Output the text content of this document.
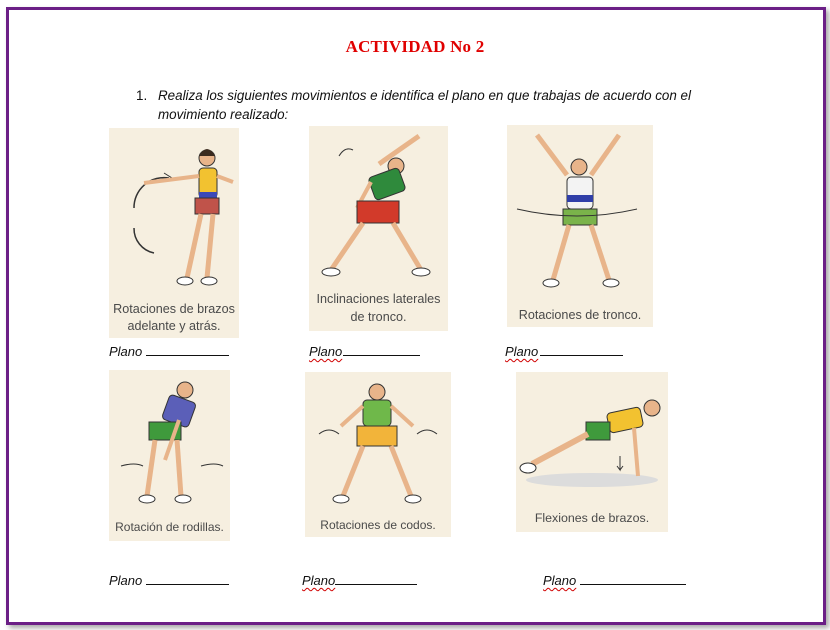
ACTIVIDAD No 2
1. Realiza los siguientes movimientos e identifica el plano en que trabajas de acuerdo con el
movimiento realizado:
Rotaciones de brazos
adelante y atrás.
Inclinaciones laterales
de tronco.	Rotaciones de tronco.
Rotación de rodillas.	Rotaciones de codos.	Flexiones de brazos.
Plano	Plano	Plano
Plano	Plano	Plano
